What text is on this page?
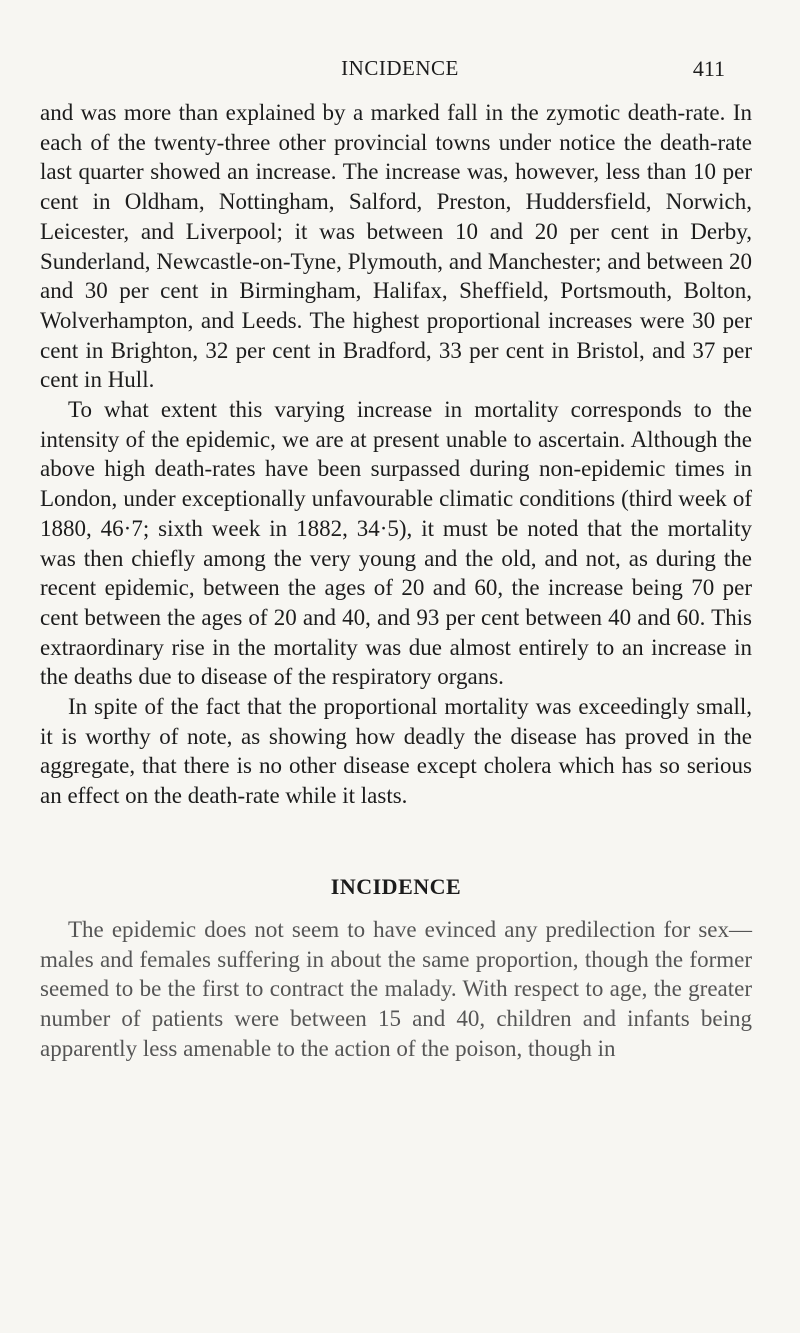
INCIDENCE	411

and was more than explained by a marked fall in the zymotic death-rate. In each of the twenty-three other provincial towns under notice the death-rate last quarter showed an increase. The increase was, however, less than 10 per cent in Oldham, Nottingham, Salford, Preston, Huddersfield, Norwich, Leicester, and Liverpool; it was between 10 and 20 per cent in Derby, Sunderland, Newcastle-on-Tyne, Plymouth, and Manchester; and between 20 and 30 per cent in Birmingham, Halifax, Sheffield, Portsmouth, Bolton, Wolverhampton, and Leeds. The highest proportional increases were 30 per cent in Brighton, 32 per cent in Bradford, 33 per cent in Bristol, and 37 per cent in Hull.

To what extent this varying increase in mortality corresponds to the intensity of the epidemic, we are at present unable to ascertain. Although the above high death-rates have been surpassed during non-epidemic times in London, under exceptionally unfavourable climatic conditions (third week of 1880, 46·7; sixth week in 1882, 34·5), it must be noted that the mortality was then chiefly among the very young and the old, and not, as during the recent epidemic, between the ages of 20 and 60, the increase being 70 per cent between the ages of 20 and 40, and 93 per cent between 40 and 60. This extraordinary rise in the mortality was due almost entirely to an increase in the deaths due to disease of the respiratory organs.

In spite of the fact that the proportional mortality was exceedingly small, it is worthy of note, as showing how deadly the disease has proved in the aggregate, that there is no other disease except cholera which has so serious an effect on the death-rate while it lasts.

INCIDENCE

The epidemic does not seem to have evinced any predilection for sex—males and females suffering in about the same proportion, though the former seemed to be the first to contract the malady. With respect to age, the greater number of patients were between 15 and 40, children and infants being apparently less amenable to the action of the poison, though in
